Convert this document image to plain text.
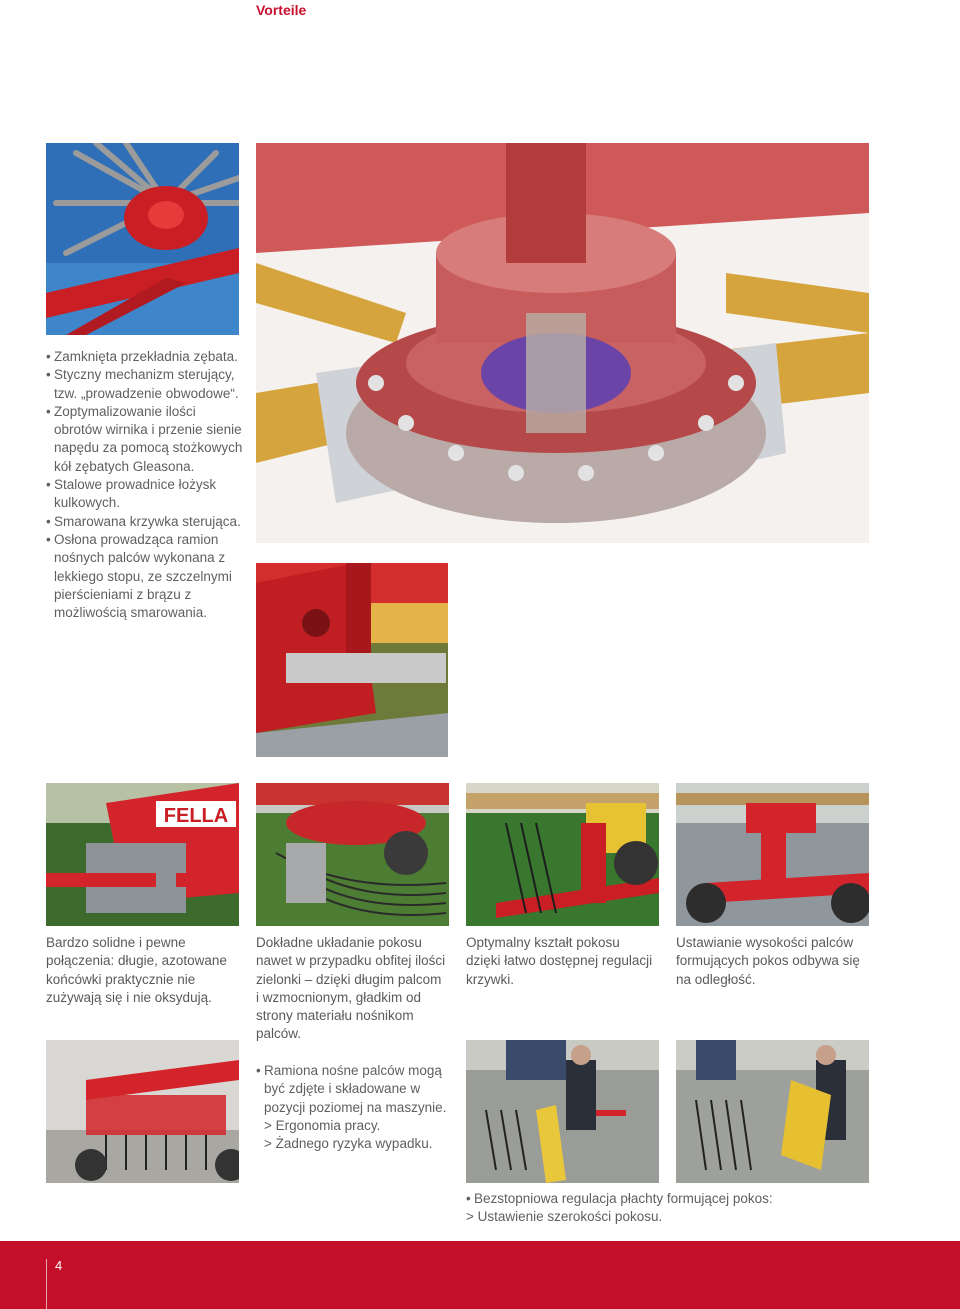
Vorteile
• Zamknięta przekładnia zębata.
• Styczny mechanizm sterujący, tzw. „prowadzenie obwodowe“.
• Zoptymalizowanie ilości obrotów wirnika i przenie sienie napędu za pomocą stożkowych kół zębatych Gleasona.
• Stalowe prowadnice łożysk kulkowych.
• Smarowana krzywka sterująca.
• Osłona prowadząca ramion nośnych palców wykonana z lekkiego stopu, ze szczelnymi pierścieniami z brązu z możliwością smarowania.
FELLA

Bardzo solidne i pewne połączenia: długie, azotowane końcówki praktycznie nie zużywają się i nie oksydują.

Dokładne układanie pokosu nawet w przypadku obfitej ilości zielonki – dzięki długim palcom i wzmocnionym, gładkim od strony materiału nośnikom palców.

Optymalny kształt pokosu dzięki łatwo dostępnej regulacji krzywki.

Ustawianie wysokości palców formujących pokos odbywa się na odległość.

• Ramiona nośne palców mogą być zdjęte i składowane w pozycji poziomej na maszynie.
> Ergonomia pracy.
> Żadnego ryzyka wypadku.
• Bezstopniowa regulacja płachty formującej pokos:
> Ustawienie szerokości pokosu.
4
